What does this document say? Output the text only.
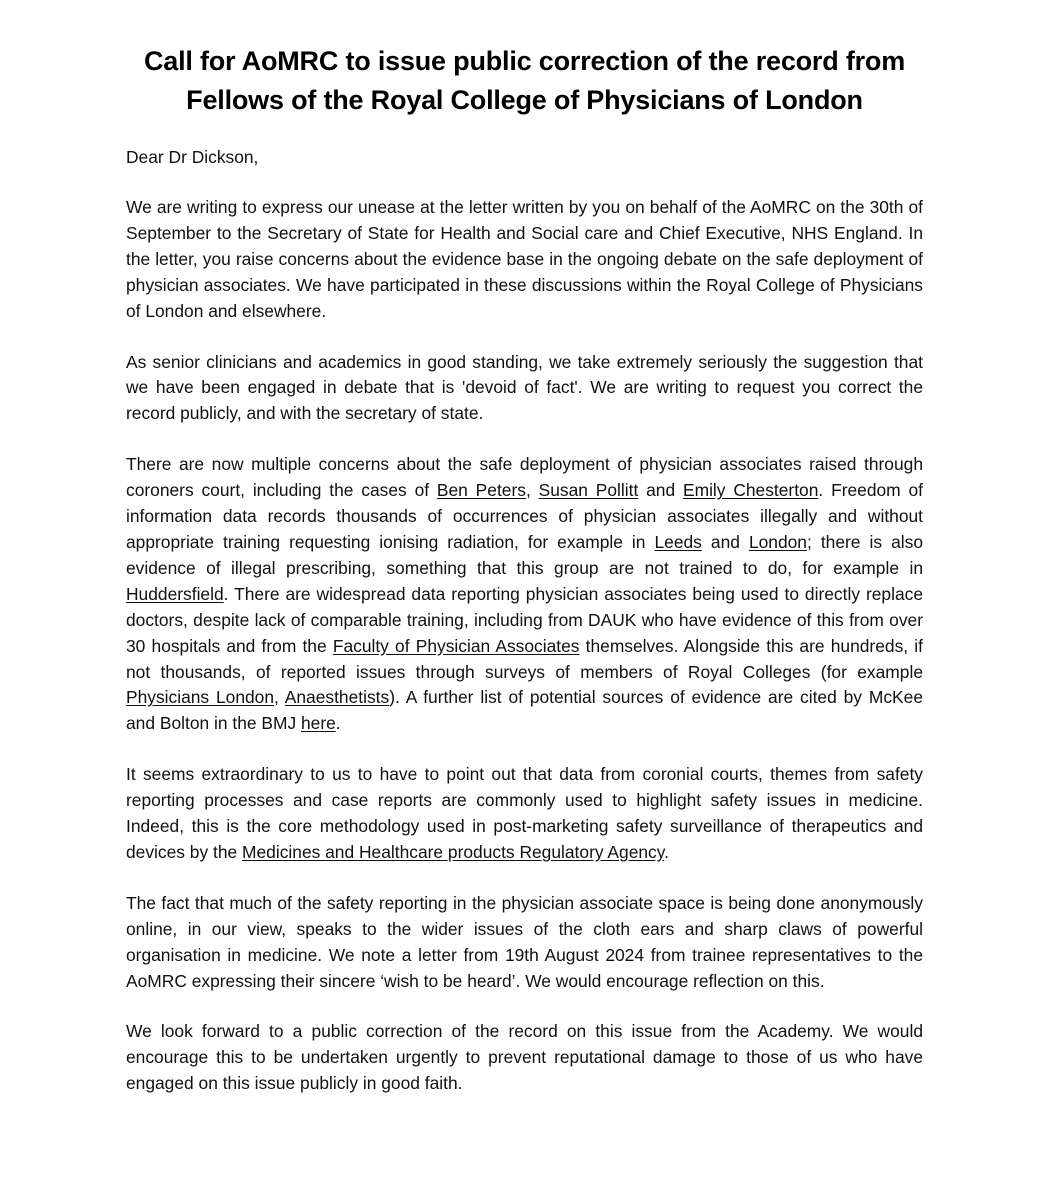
Call for AoMRC to issue public correction of the record from
Fellows of the Royal College of Physicians of London

Dear Dr Dickson,

We are writing to express our unease at the letter written by you on behalf of the AoMRC on the 30th of September to the Secretary of State for Health and Social care and Chief Executive, NHS England. In the letter, you raise concerns about the evidence base in the ongoing debate on the safe deployment of physician associates. We have participated in these discussions within the Royal College of Physicians of London and elsewhere.

As senior clinicians and academics in good standing, we take extremely seriously the suggestion that we have been engaged in debate that is 'devoid of fact'. We are writing to request you correct the record publicly, and with the secretary of state.

There are now multiple concerns about the safe deployment of physician associates raised through coroners court, including the cases of Ben Peters, Susan Pollitt and Emily Chesterton. Freedom of information data records thousands of occurrences of physician associates illegally and without appropriate training requesting ionising radiation, for example in Leeds and London; there is also evidence of illegal prescribing, something that this group are not trained to do, for example in Huddersfield. There are widespread data reporting physician associates being used to directly replace doctors, despite lack of comparable training, including from DAUK who have evidence of this from over 30 hospitals and from the Faculty of Physician Associates themselves. Alongside this are hundreds, if not thousands, of reported issues through surveys of members of Royal Colleges (for example Physicians London, Anaesthetists). A further list of potential sources of evidence are cited by McKee and Bolton in the BMJ here.

It seems extraordinary to us to have to point out that data from coronial courts, themes from safety reporting processes and case reports are commonly used to highlight safety issues in medicine. Indeed, this is the core methodology used in post-marketing safety surveillance of therapeutics and devices by the Medicines and Healthcare products Regulatory Agency.

The fact that much of the safety reporting in the physician associate space is being done anonymously online, in our view, speaks to the wider issues of the cloth ears and sharp claws of powerful organisation in medicine. We note a letter from 19th August 2024 from trainee representatives to the AoMRC expressing their sincere ‘wish to be heard’. We would encourage reflection on this.

We look forward to a public correction of the record on this issue from the Academy. We would encourage this to be undertaken urgently to prevent reputational damage to those of us who have engaged on this issue publicly in good faith.
